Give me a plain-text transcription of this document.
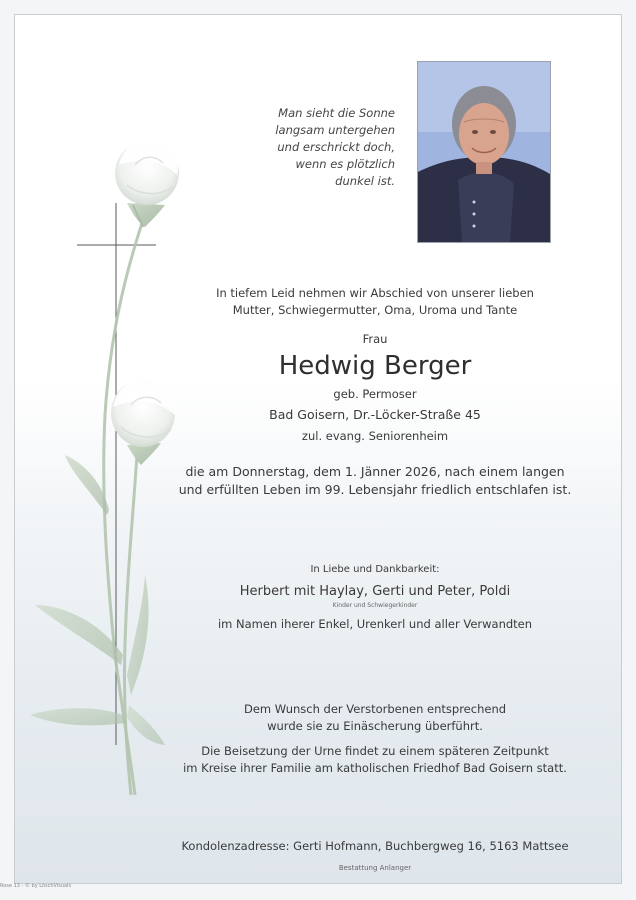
Man sieht die Sonne
langsam untergehen
und erschrickt doch,
wenn es plötzlich
dunkel ist.
In tiefem Leid nehmen wir Abschied von unserer lieben
Mutter, Schwiegermutter, Oma, Uroma und Tante
Frau
Hedwig Berger
geb. Permoser
Bad Goisern, Dr.-Löcker-Straße 45
zul. evang. Seniorenheim
die am Donnerstag, dem 1. Jänner 2026, nach einem langen
und erfüllten Leben im 99. Lebensjahr friedlich entschlafen ist.
In Liebe und Dankbarkeit:
Herbert mit Haylay, Gerti und Peter, Poldi
Kinder und Schwiegerkinder
im Namen iherer Enkel, Urenkerl und aller Verwandten
Dem Wunsch der Verstorbenen entsprechend
wurde sie zu Einäscherung überführt.
Die Beisetzung der Urne findet zu einem späteren Zeitpunkt
im Kreise ihrer Familie am katholischen Friedhof Bad Goisern statt.
Kondolenzadresse: Gerti Hofmann, Buchbergweg 16, 5163 Mattsee
Bestattung Anlanger
Rose 13 - © by LöschVisuals
